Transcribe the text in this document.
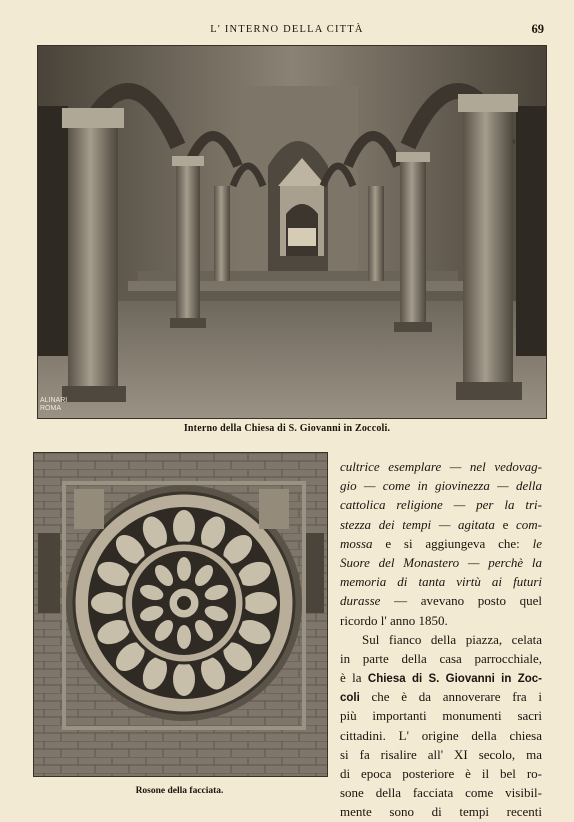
L' INTERNO DELLA CITTÀ	69
ALINARI
ROMA
Interno della Chiesa di S. Giovanni in Zoccoli.
Rosone della facciata.
cultrice esemplare — nel vedovag-
gio — come in giovinezza — della
cattolica religione — per la tri-
stezza dei tempi — agitata e com-
mossa e si aggiungeva che: le
Suore del Monastero — perchè la
memoria di tanta virtù ai futuri
durasse — avevano posto quel
ricordo l' anno 1850.
Sul fianco della piazza, celata
in parte della casa parrocchiale,
è la Chiesa di S. Giovanni in Zoc-
coli che è da annoverare fra i
più importanti monumenti sacri
cittadini. L' origine della chiesa
si fa risalire all' XI secolo, ma
di epoca posteriore è il bel ro-
sone della facciata come visibil-
mente sono di tempi recenti
